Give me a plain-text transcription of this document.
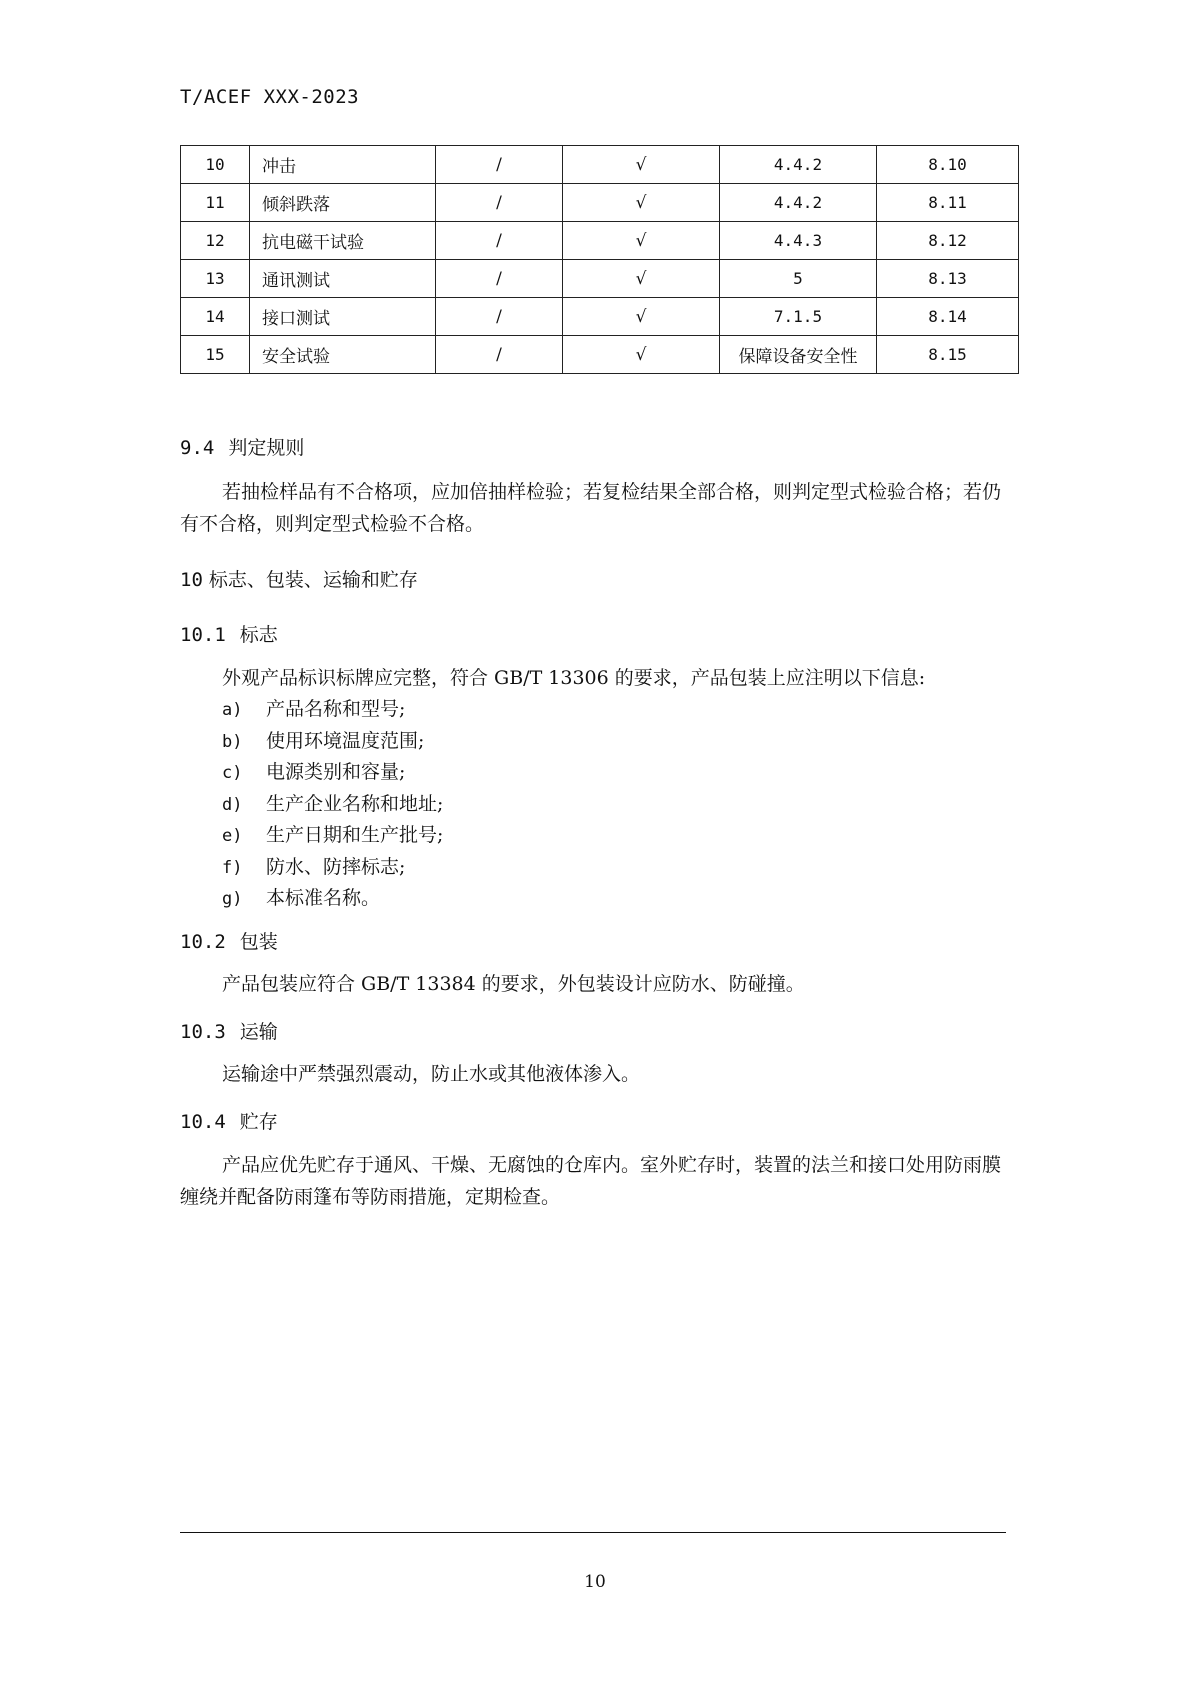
T/ACEF XXX-2023
10	冲击	/	√	4.4.2	8.10
11	倾斜跌落	/	√	4.4.2	8.11
12	抗电磁干试验	/	√	4.4.3	8.12
13	通讯测试	/	√	5	8.13
14	接口测试	/	√	7.1.5	8.14
15	安全试验	/	√	保障设备安全性	8.15
9.4 判定规则

若抽检样品有不合格项，应加倍抽样检验；若复检结果全部合格，则判定型式检验合格；若仍有不合格，则判定型式检验不合格。

10 标志、包装、运输和贮存
10.1 标志

外观产品标识标牌应完整，符合 GB/T 13306 的要求，产品包装上应注明以下信息:

a) 产品名称和型号;
b) 使用环境温度范围;
c) 电源类别和容量;
d) 生产企业名称和地址;
e) 生产日期和生产批号;
f) 防水、防摔标志;
g) 本标准名称。
10.2 包装

产品包装应符合 GB/T 13384 的要求，外包装设计应防水、防碰撞。

10.3 运输

运输途中严禁强烈震动，防止水或其他液体渗入。

10.4 贮存

产品应优先贮存于通风、干燥、无腐蚀的仓库内。室外贮存时，装置的法兰和接口处用防雨膜缠绕并配备防雨篷布等防雨措施，定期检查。

10
